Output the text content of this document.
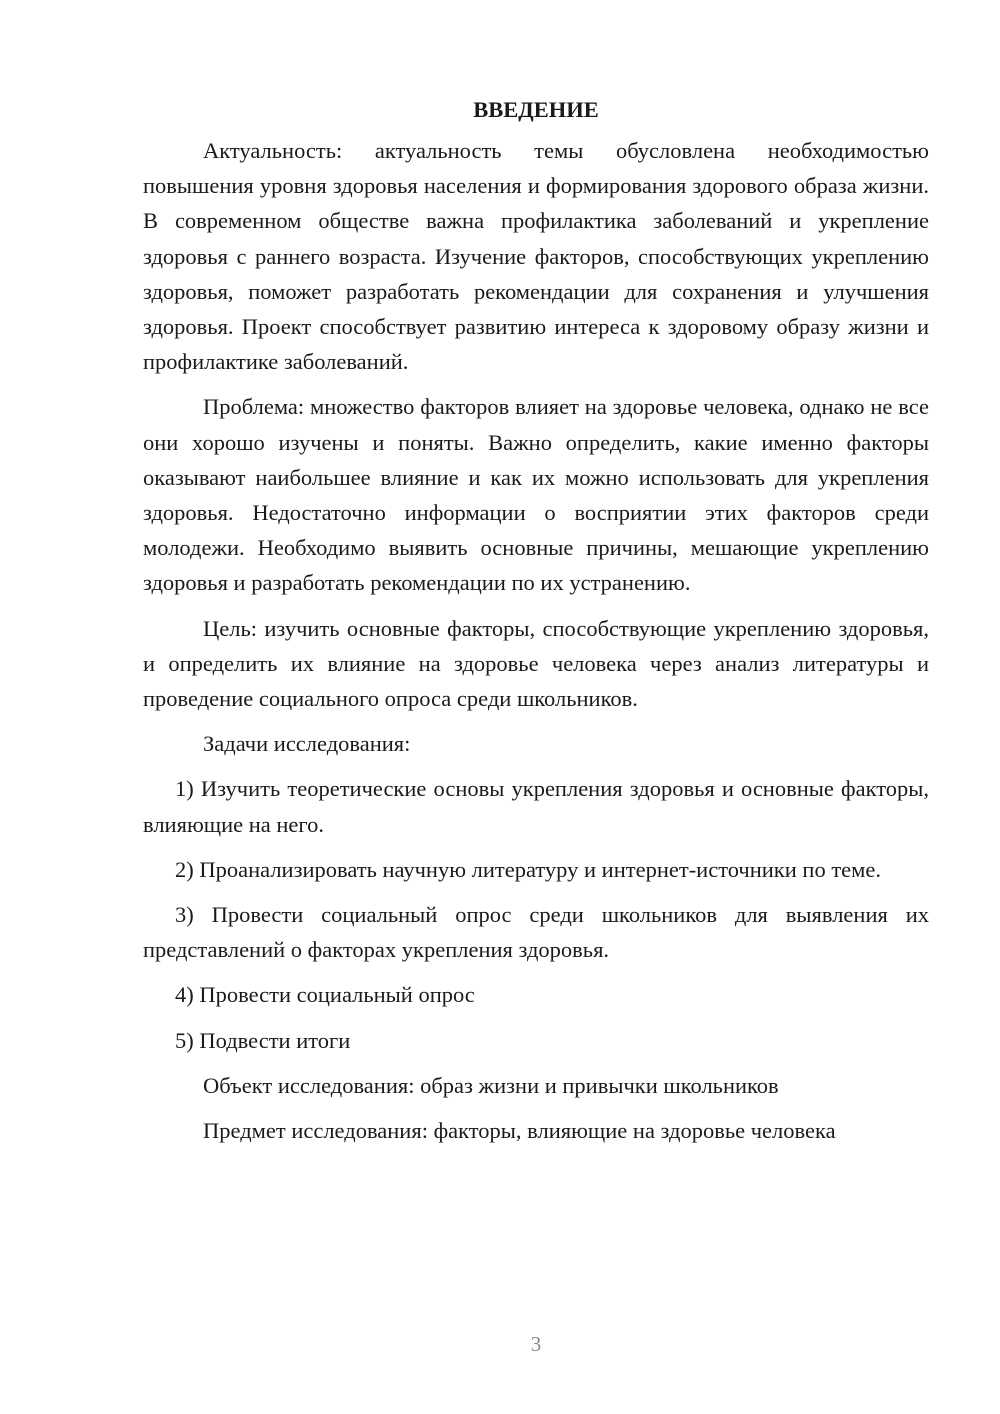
ВВЕДЕНИЕ

Актуальность: актуальность темы обусловлена необходимостью повышения уровня здоровья населения и формирования здорового образа жизни. В современном обществе важна профилактика заболеваний и укрепление здоровья с раннего возраста. Изучение факторов, способствующих укреплению здоровья, поможет разработать рекомендации для сохранения и улучшения здоровья. Проект способствует развитию интереса к здоровому образу жизни и профилактике заболеваний.

Проблема: множество факторов влияет на здоровье человека, однако не все они хорошо изучены и поняты. Важно определить, какие именно факторы оказывают наибольшее влияние и как их можно использовать для укрепления здоровья. Недостаточно информации о восприятии этих факторов среди молодежи. Необходимо выявить основные причины, мешающие укреплению здоровья и разработать рекомендации по их устранению.

Цель: изучить основные факторы, способствующие укреплению здоровья, и определить их влияние на здоровье человека через анализ литературы и проведение социального опроса среди школьников.

Задачи исследования:

1) Изучить теоретические основы укрепления здоровья и основные факторы, влияющие на него.

2) Проанализировать научную литературу и интернет-источники по теме.

3) Провести социальный опрос среди школьников для выявления их представлений о факторах укрепления здоровья.

4) Провести социальный опрос

5) Подвести итоги

Объект исследования: образ жизни и привычки школьников

Предмет исследования: факторы, влияющие на здоровье человека

3
